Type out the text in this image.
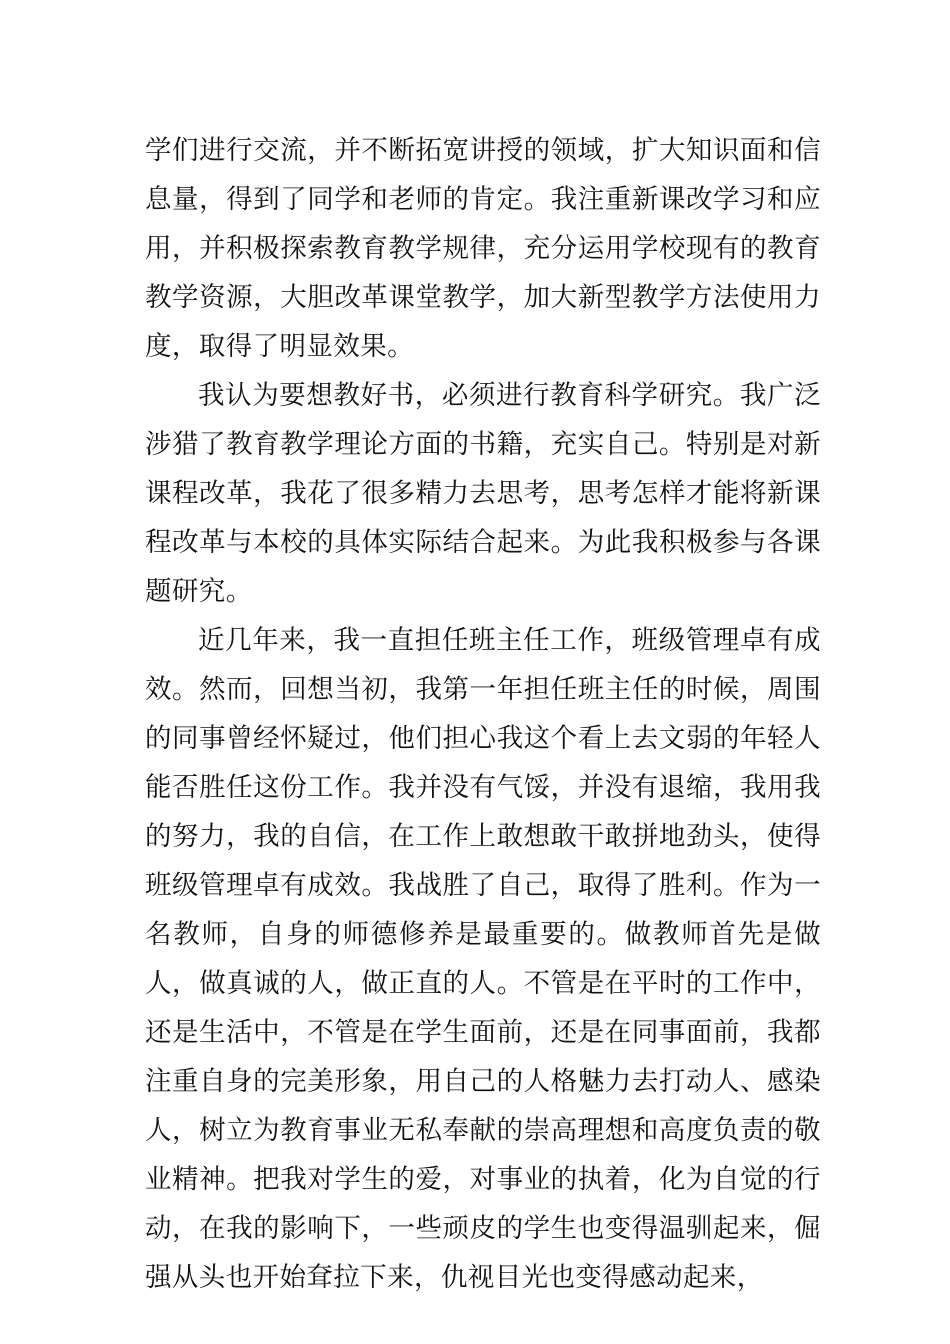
学们进行交流，并不断拓宽讲授的领域，扩大知识面和信息量，得到了同学和老师的肯定。我注重新课改学习和应用，并积极探索教育教学规律，充分运用学校现有的教育教学资源，大胆改革课堂教学，加大新型教学方法使用力度，取得了明显效果。

我认为要想教好书，必须进行教育科学研究。我广泛涉猎了教育教学理论方面的书籍，充实自己。特别是对新课程改革，我花了很多精力去思考，思考怎样才能将新课程改革与本校的具体实际结合起来。为此我积极参与各课题研究。

近几年来，我一直担任班主任工作，班级管理卓有成效。然而，回想当初，我第一年担任班主任的时候，周围的同事曾经怀疑过，他们担心我这个看上去文弱的年轻人能否胜任这份工作。我并没有气馁，并没有退缩，我用我的努力，我的自信，在工作上敢想敢干敢拼地劲头，使得班级管理卓有成效。我战胜了自己，取得了胜利。作为一名教师，自身的师德修养是最重要的。做教师首先是做人，做真诚的人，做正直的人。不管是在平时的工作中，还是生活中，不管是在学生面前，还是在同事面前，我都注重自身的完美形象，用自己的人格魅力去打动人、感染人，树立为教育事业无私奉献的崇高理想和高度负责的敬业精神。把我对学生的爱，对事业的执着，化为自觉的行动，在我的影响下，一些顽皮的学生也变得温驯起来，倔强从头也开始耷拉下来，仇视目光也变得感动起来，
